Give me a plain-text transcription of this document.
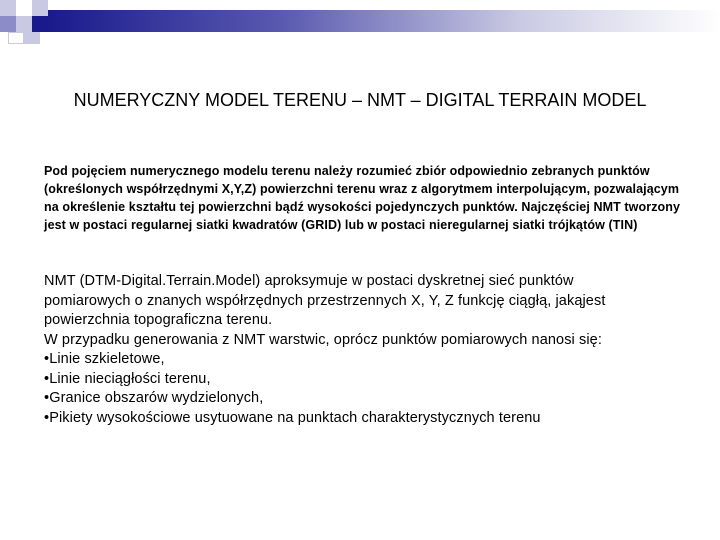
NUMERYCZNY MODEL TERENU – NMT – DIGITAL TERRAIN MODEL
Pod pojęciem numerycznego modelu terenu należy rozumieć zbiór odpowiednio zebranych punktów (określonych współrzędnymi X,Y,Z) powierzchni terenu wraz z algorytmem interpolującym, pozwalającym na określenie kształtu tej powierzchni bądź wysokości pojedynczych punktów. Najczęściej NMT tworzony jest w postaci regularnej siatki kwadratów (GRID) lub w postaci nieregularnej siatki trójkątów (TIN)
NMT (DTM-Digital.Terrain.Model) aproksymuje w postaci dyskretnej sieć punktów
pomiarowych o znanych współrzędnych przestrzennych X, Y, Z funkcję ciągłą, jakąjest
powierzchnia topograficzna terenu.
W przypadku generowania z NMT warstwic, oprócz punktów pomiarowych nanosi się:
• Linie szkieletowe,
• Linie nieciągłości terenu,
• Granice obszarów wydzielonych,
• Pikiety wysokościowe usytuowane na punktach charakterystycznych terenu
